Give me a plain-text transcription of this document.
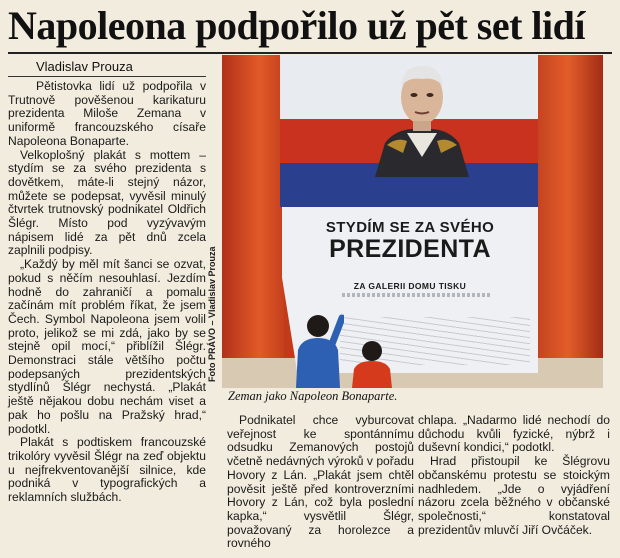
Napoleona podpořilo už pět set lidí
Vladislav Prouza

Pětistovka lidí už podpořila v Trutnově pověšenou karikaturu prezidenta Miloše Zemana v uniformě francouzského císaře Napoleona Bonaparte.

Velkoplošný plakát s mottem – stydím se za svého prezidenta s dovětkem, máte-li stejný názor, můžete se podepsat, vyvěsil minulý čtvrtek trutnovský podnikatel Oldřich Šlégr. Místo pod vyzývavým nápisem lidé za pět dnů zcela zaplnili podpisy.

„Každý by měl mít šanci se ozvat, pokud s něčím nesouhlasí. Jezdím hodně do zahraničí a pomalu začínám mít problém říkat, že jsem Čech. Symbol Napoleona jsem volil proto, jelikož se mi zdá, jako by se stejně opil mocí,“ přiblížil Šlégr. Demonstraci stále většího počtu podepsaných prezidentských stydlínů Šlégr nechystá. „Plakát ještě nějakou dobu nechám viset a pak ho pošlu na Pražský hrad,“ podotkl.

Plakát s podtiskem francouzské trikolóry vyvěsil Šlégr na zeď objektu u nejfrekventovanější silnice, kde podniká v typografických a reklamních službách.

STYDÍM SE ZA SVÉHO
PREZIDENTA
ZA GALERII DOMU TISKU
Foto PRÁVO – Vladislav Prouza
Zeman jako Napoleon Bonaparte.

Podnikatel chce vyburcovat veřejnost ke spontánnímu odsudku Zemanových postojů včetně nedávných výroků v pořadu Hovory z Lán. „Plakát jsem chtěl pověsit ještě před kontroverzními Hovory z Lán, což byla poslední kapka,“ vysvětlil Šlégr, považovaný za horolezce a rovného

chlapa. „Nadarmo lidé nechodí do důchodu kvůli fyzické, nýbrž i duševní kondici,“ podotkl.

Hrad přistoupil ke Šlégrovu občanskému protestu se stoickým nadhledem. „Jde o vyjádření názoru zcela běžného v občanské společnosti,“ konstatoval prezidentův mluvčí Jiří Ovčáček.
